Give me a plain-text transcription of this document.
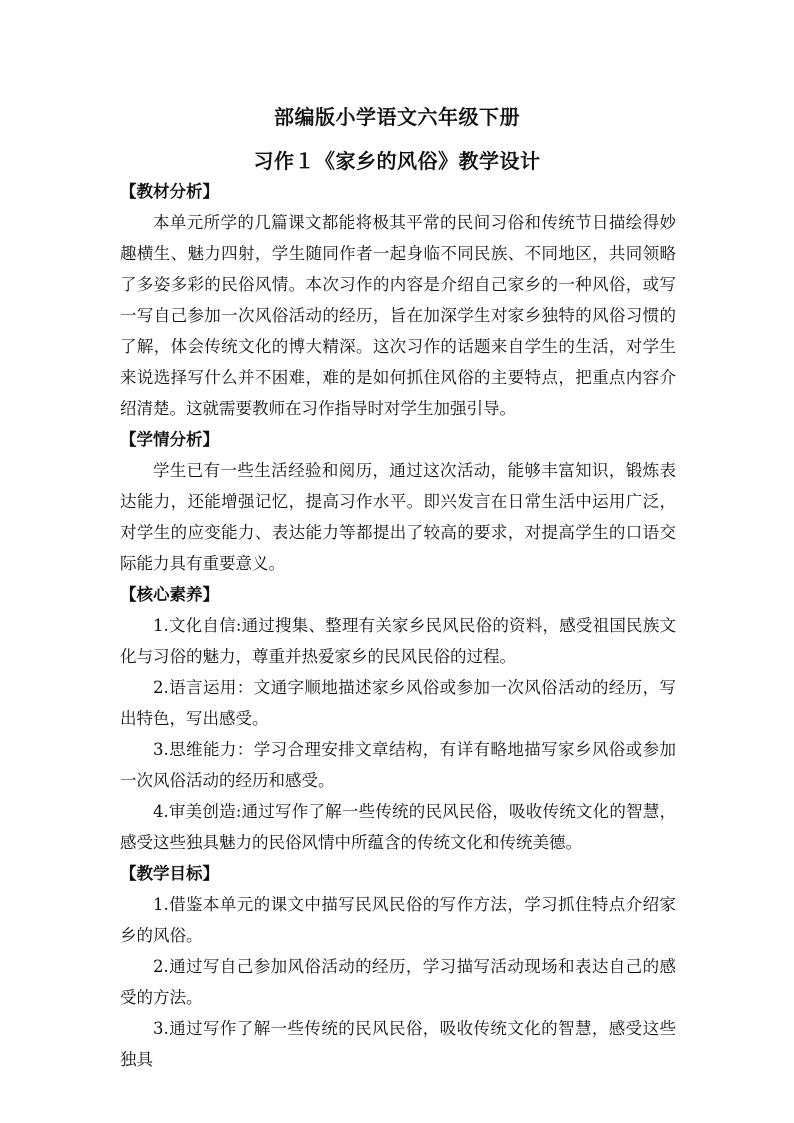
部编版小学语文六年级下册
习作１《家乡的风俗》教学设计

【教材分析】

本单元所学的几篇课文都能将极其平常的民间习俗和传统节日描绘得妙趣横生、魅力四射，学生随同作者一起身临不同民族、不同地区，共同领略了多姿多彩的民俗风情。本次习作的内容是介绍自己家乡的一种风俗，或写一写自己参加一次风俗活动的经历，旨在加深学生对家乡独特的风俗习惯的了解，体会传统文化的博大精深。这次习作的话题来自学生的生活，对学生来说选择写什么并不困难，难的是如何抓住风俗的主要特点，把重点内容介绍清楚。这就需要教师在习作指导时对学生加强引导。

【学情分析】

学生已有一些生活经验和阅历，通过这次活动，能够丰富知识，锻炼表达能力，还能增强记忆，提高习作水平。即兴发言在日常生活中运用广泛，对学生的应变能力、表达能力等都提出了较高的要求，对提高学生的口语交际能力具有重要意义。

【核心素养】

1.文化自信:通过搜集、整理有关家乡民风民俗的资料，感受祖国民族文化与习俗的魅力，尊重并热爱家乡的民风民俗的过程。

2.语言运用：文通字顺地描述家乡风俗或参加一次风俗活动的经历，写出特色，写出感受。

3.思维能力：学习合理安排文章结构，有详有略地描写家乡风俗或参加一次风俗活动的经历和感受。

4.审美创造:通过写作了解一些传统的民风民俗，吸收传统文化的智慧，感受这些独具魅力的民俗风情中所蕴含的传统文化和传统美德。

【教学目标】

1.借鉴本单元的课文中描写民风民俗的写作方法，学习抓住特点介绍家乡的风俗。

2.通过写自己参加风俗活动的经历，学习描写活动现场和表达自己的感受的方法。

3.通过写作了解一些传统的民风民俗，吸收传统文化的智慧，感受这些独具
